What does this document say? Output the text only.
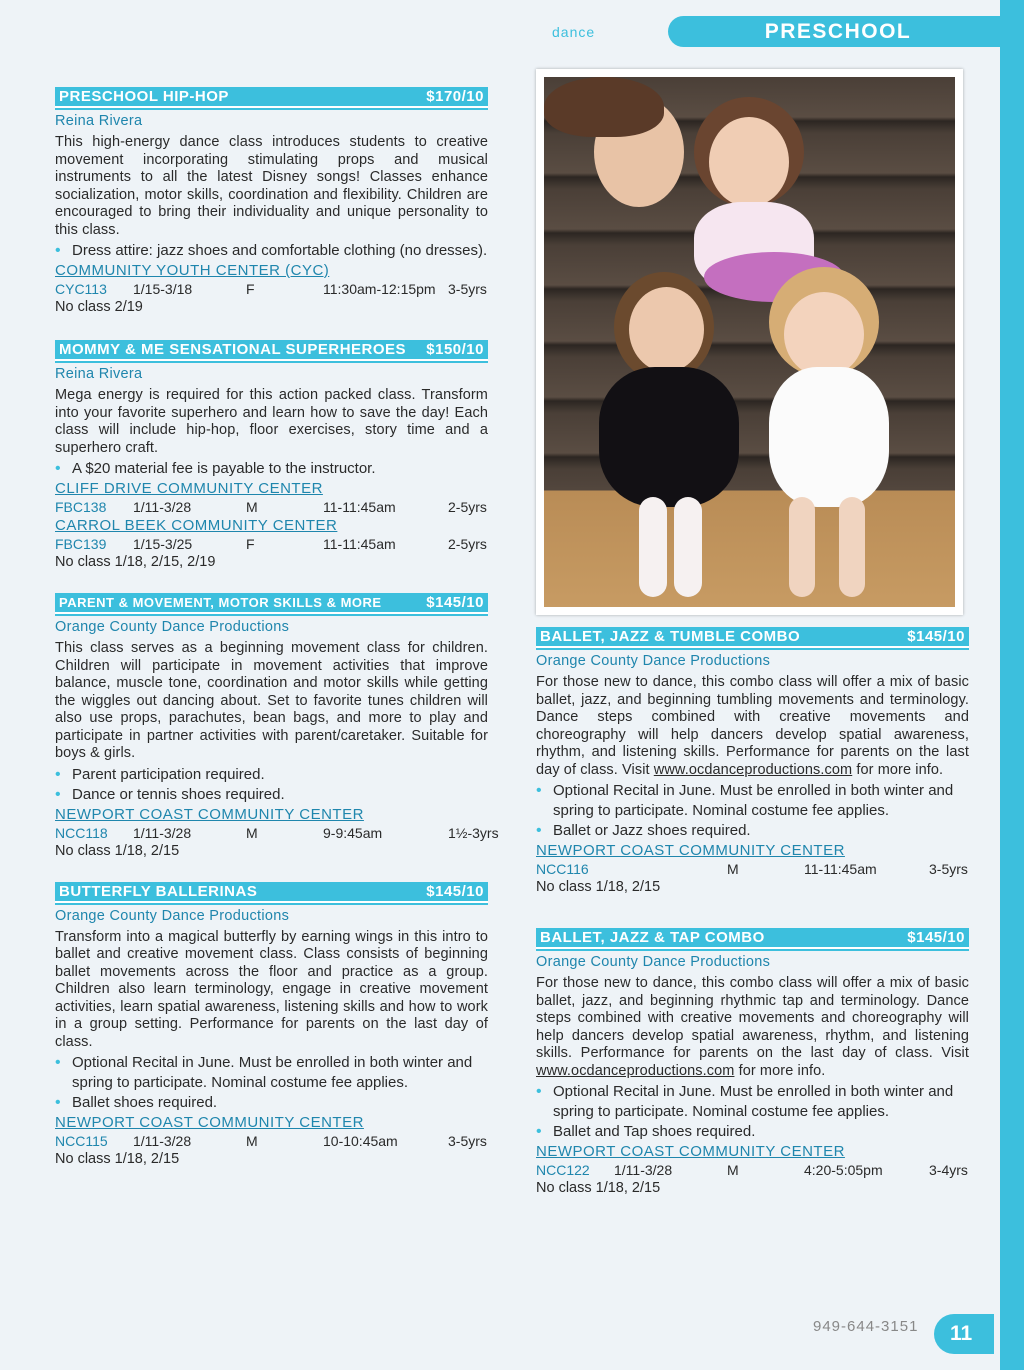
dance	PRESCHOOL
PRESCHOOL HIP-HOP	$170/10
Reina Rivera
This high-energy dance class introduces students to creative movement incorporating stimulating props and musical instruments to all the latest Disney songs! Classes enhance socialization, motor skills, coordination and flexibility. Children are encouraged to bring their individuality and unique personality to this class.
• Dress attire: jazz shoes and comfortable clothing (no dresses).
COMMUNITY YOUTH CENTER (CYC)
CYC113	1/15-3/18	F	11:30am-12:15pm 3-5yrs
No class 2/19
MOMMY & ME SENSATIONAL SUPERHEROES $150/10
Reina Rivera
Mega energy is required for this action packed class. Transform into your favorite superhero and learn how to save the day! Each class will include hip-hop, floor exercises, story time and a superhero craft.
• A $20 material fee is payable to the instructor.
CLIFF DRIVE COMMUNITY CENTER
FBC138	1/11-3/28	M	11-11:45am	2-5yrs
CARROL BEEK COMMUNITY CENTER
FBC139	1/15-3/25	F	11-11:45am	2-5yrs
No class 1/18, 2/15, 2/19
PARENT & MOVEMENT, MOTOR SKILLS & MORE	$145/10
Orange County Dance Productions
This class serves as a beginning movement class for children. Children will participate in movement activities that improve balance, muscle tone, coordination and motor skills while getting the wiggles out dancing about. Set to favorite tunes children will also use props, parachutes, bean bags, and more to play and participate in partner activities with parent/caretaker. Suitable for boys & girls.
• Parent participation required.
• Dance or tennis shoes required.
NEWPORT COAST COMMUNITY CENTER
NCC118	1/11-3/28	M	9-9:45am	1½-3yrs
No class 1/18, 2/15
BUTTERFLY BALLERINAS	$145/10
Orange County Dance Productions
Transform into a magical butterfly by earning wings in this intro to ballet and creative movement class. Class consists of beginning ballet movements across the floor and practice as a group. Children also learn terminology, engage in creative movement activities, learn spatial awareness, listening skills and how to work in a group setting. Performance for parents on the last day of class.
• Optional Recital in June. Must be enrolled in both winter and spring to participate. Nominal costume fee applies.
• Ballet shoes required.
NEWPORT COAST COMMUNITY CENTER
NCC115	1/11-3/28	M	10-10:45am	3-5yrs
No class 1/18, 2/15
BALLET, JAZZ & TUMBLE COMBO	$145/10
Orange County Dance Productions
For those new to dance, this combo class will offer a mix of basic ballet, jazz, and beginning tumbling movements and terminology. Dance steps combined with creative movements and choreography will help dancers develop spatial awareness, rhythm, and listening skills. Performance for parents on the last day of class. Visit www.ocdanceproductions.com for more info.
• Optional Recital in June. Must be enrolled in both winter and spring to participate. Nominal costume fee applies.
• Ballet or Jazz shoes required.
NEWPORT COAST COMMUNITY CENTER
NCC116	M	11-11:45am	3-5yrs
No class 1/18, 2/15
BALLET, JAZZ & TAP COMBO	$145/10
Orange County Dance Productions
For those new to dance, this combo class will offer a mix of basic ballet, jazz, and beginning rhythmic tap and terminology. Dance steps combined with creative movements and choreography will help dancers develop spatial awareness, rhythm, and listening skills. Performance for parents on the last day of class. Visit www.ocdanceproductions.com for more info.
• Optional Recital in June. Must be enrolled in both winter and spring to participate. Nominal costume fee applies.
• Ballet and Tap shoes required.
NEWPORT COAST COMMUNITY CENTER
NCC122	1/11-3/28	M	4:20-5:05pm	3-4yrs
No class 1/18, 2/15
949-644-3151	11
